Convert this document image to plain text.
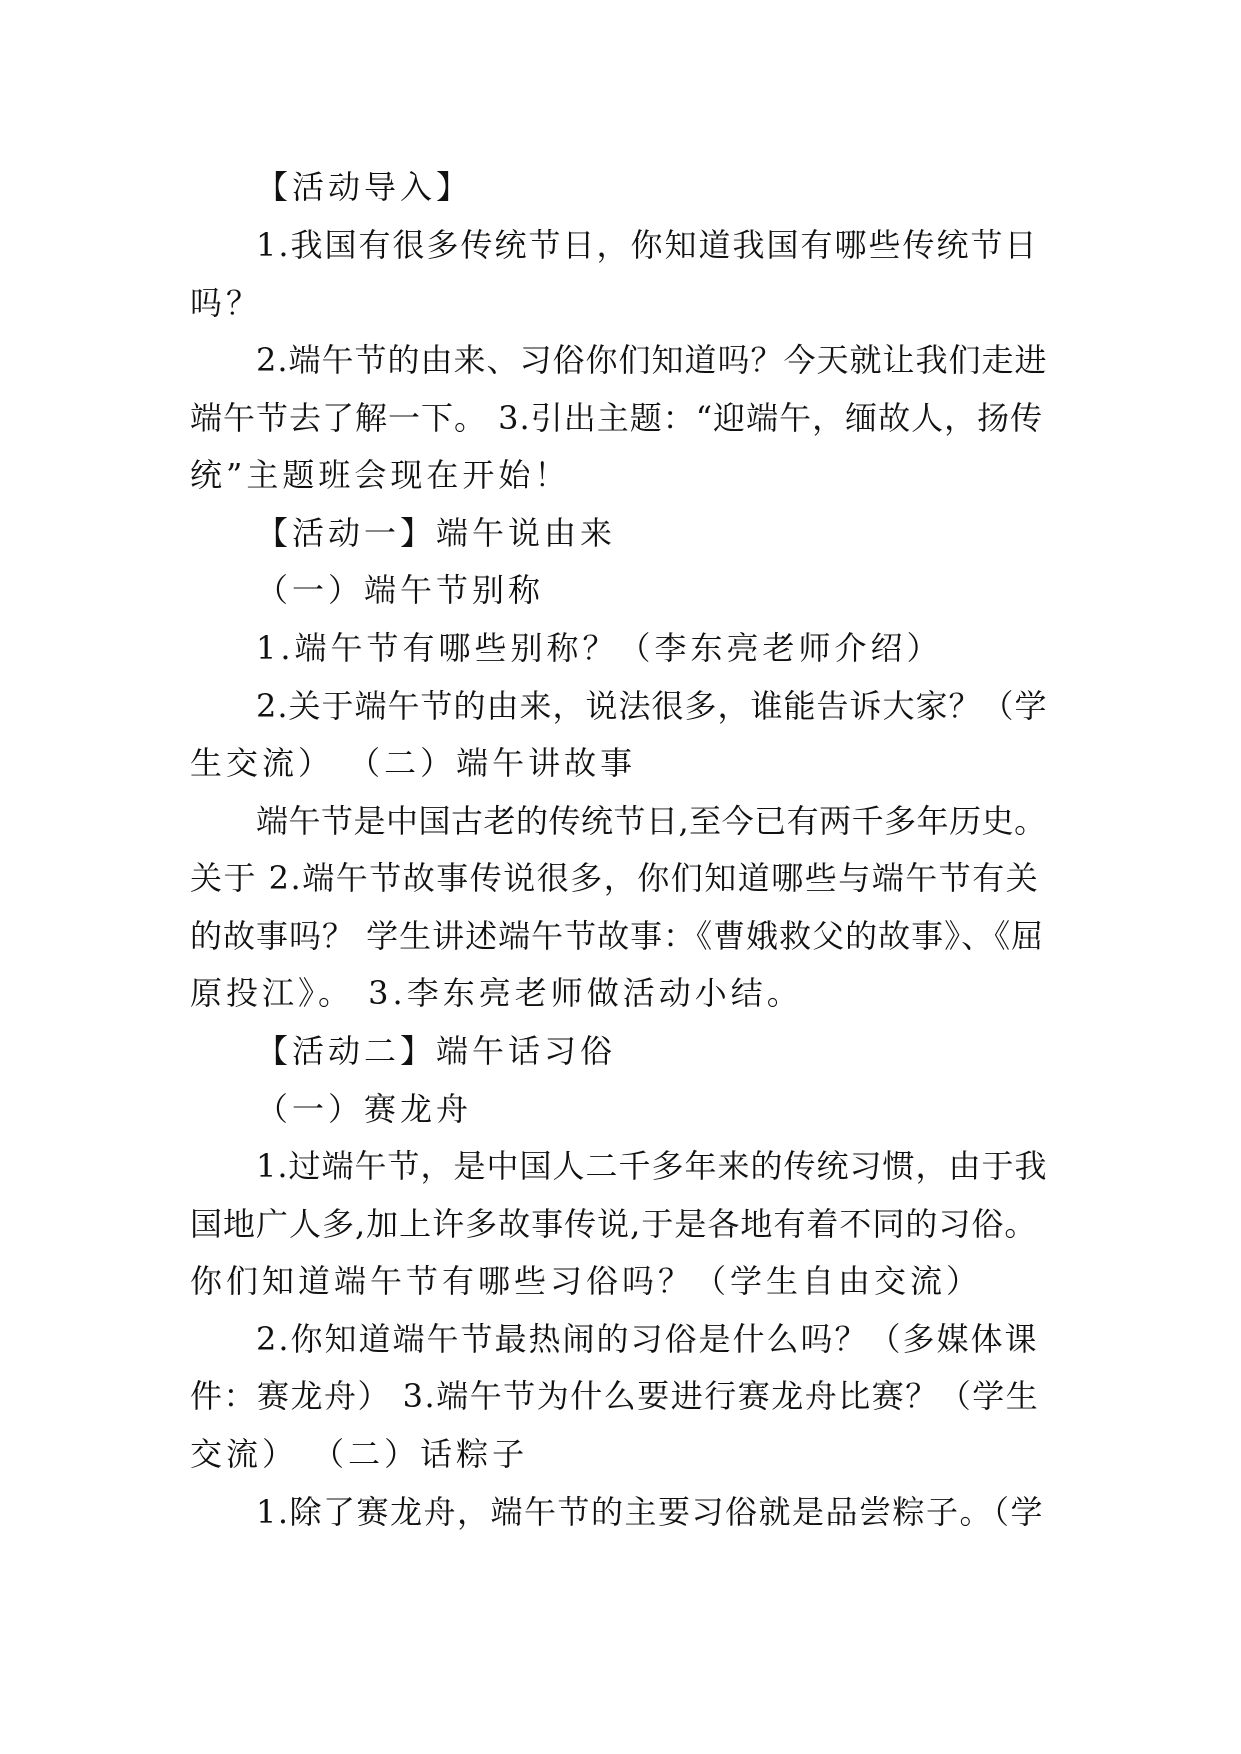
【活动导入】
1.我国有很多传统节日，你知道我国有哪些传统节日
吗？
2.端午节的由来、习俗你们知道吗？今天就让我们走进
端午节去了解一下。 3.引出主题：“迎端午，缅故人，扬传
统”主题班会现在开始！
【活动一】端午说由来
（一）端午节别称
1.端午节有哪些别称？（李东亮老师介绍）
2.关于端午节的由来，说法很多，谁能告诉大家？（学
生交流） （二）端午讲故事
端午节是中国古老的传统节日,至今已有两千多年历史。
关于 2.端午节故事传说很多，你们知道哪些与端午节有关
的故事吗？ 学生讲述端午节故事：《曹娥救父的故事》、《屈
原投江》。 3.李东亮老师做活动小结。
【活动二】端午话习俗
（一）赛龙舟
1.过端午节，是中国人二千多年来的传统习惯，由于我
国地广人多,加上许多故事传说,于是各地有着不同的习俗。
你们知道端午节有哪些习俗吗？（学生自由交流）
2.你知道端午节最热闹的习俗是什么吗？（多媒体课
件：赛龙舟） 3.端午节为什么要进行赛龙舟比赛？（学生
交流） （二）话粽子
1.除了赛龙舟，端午节的主要习俗就是品尝粽子。（学
